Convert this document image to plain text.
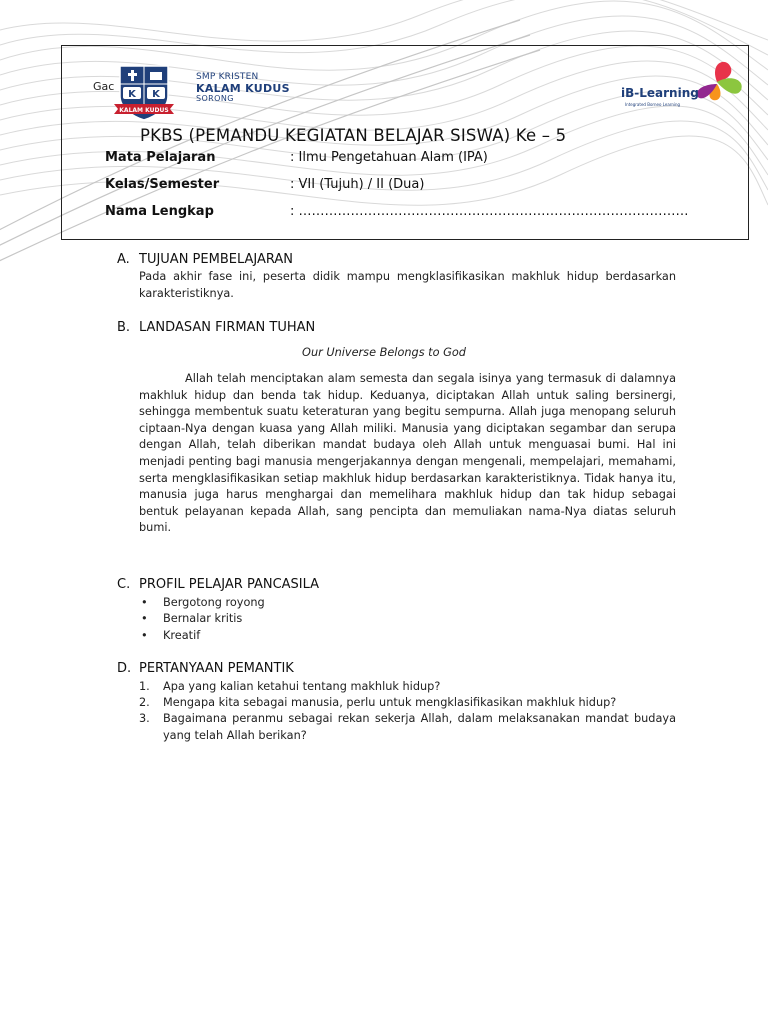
Gac
K K
KALAM KUDUS
SMP KRISTEN
KALAM KUDUS
SORONG	iB-Learning
Integrated Borneo Learning
PKBS (PEMANDU KEGIATAN BELAJAR SISWA) Ke – 5
Mata Pelajaran	: Ilmu Pengetahuan Alam (IPA)
Kelas/Semester	: VII (Tujuh) / II (Dua)
Nama Lengkap	: ………………………………………………………………………………
A. TUJUAN PEMBELAJARAN
Pada akhir fase ini, peserta didik mampu mengklasifikasikan makhluk hidup berdasarkan karakteristiknya.
B. LANDASAN FIRMAN TUHAN
Our Universe Belongs to God
Allah telah menciptakan alam semesta dan segala isinya yang termasuk di dalamnya makhluk hidup dan benda tak hidup. Keduanya, diciptakan Allah untuk saling bersinergi, sehingga membentuk suatu keteraturan yang begitu sempurna. Allah juga menopang seluruh ciptaan-Nya dengan kuasa yang Allah miliki. Manusia yang diciptakan segambar dan serupa dengan Allah, telah diberikan mandat budaya oleh Allah untuk menguasai bumi. Hal ini menjadi penting bagi manusia mengerjakannya dengan mengenali, mempelajari, memahami, serta mengklasifikasikan setiap makhluk hidup berdasarkan karakteristiknya. Tidak hanya itu, manusia juga harus menghargai dan memelihara makhluk hidup dan tak hidup sebagai bentuk pelayanan kepada Allah, sang pencipta dan memuliakan nama-Nya diatas seluruh bumi.
C. PROFIL PELAJAR PANCASILA
• Bergotong royong
• Bernalar kritis
• Kreatif
D. PERTANYAAN PEMANTIK
1. Apa yang kalian ketahui tentang makhluk hidup?
2. Mengapa kita sebagai manusia, perlu untuk mengklasifikasikan makhluk hidup?
3. Bagaimana peranmu sebagai rekan sekerja Allah, dalam melaksanakan mandat budaya yang telah Allah berikan?
